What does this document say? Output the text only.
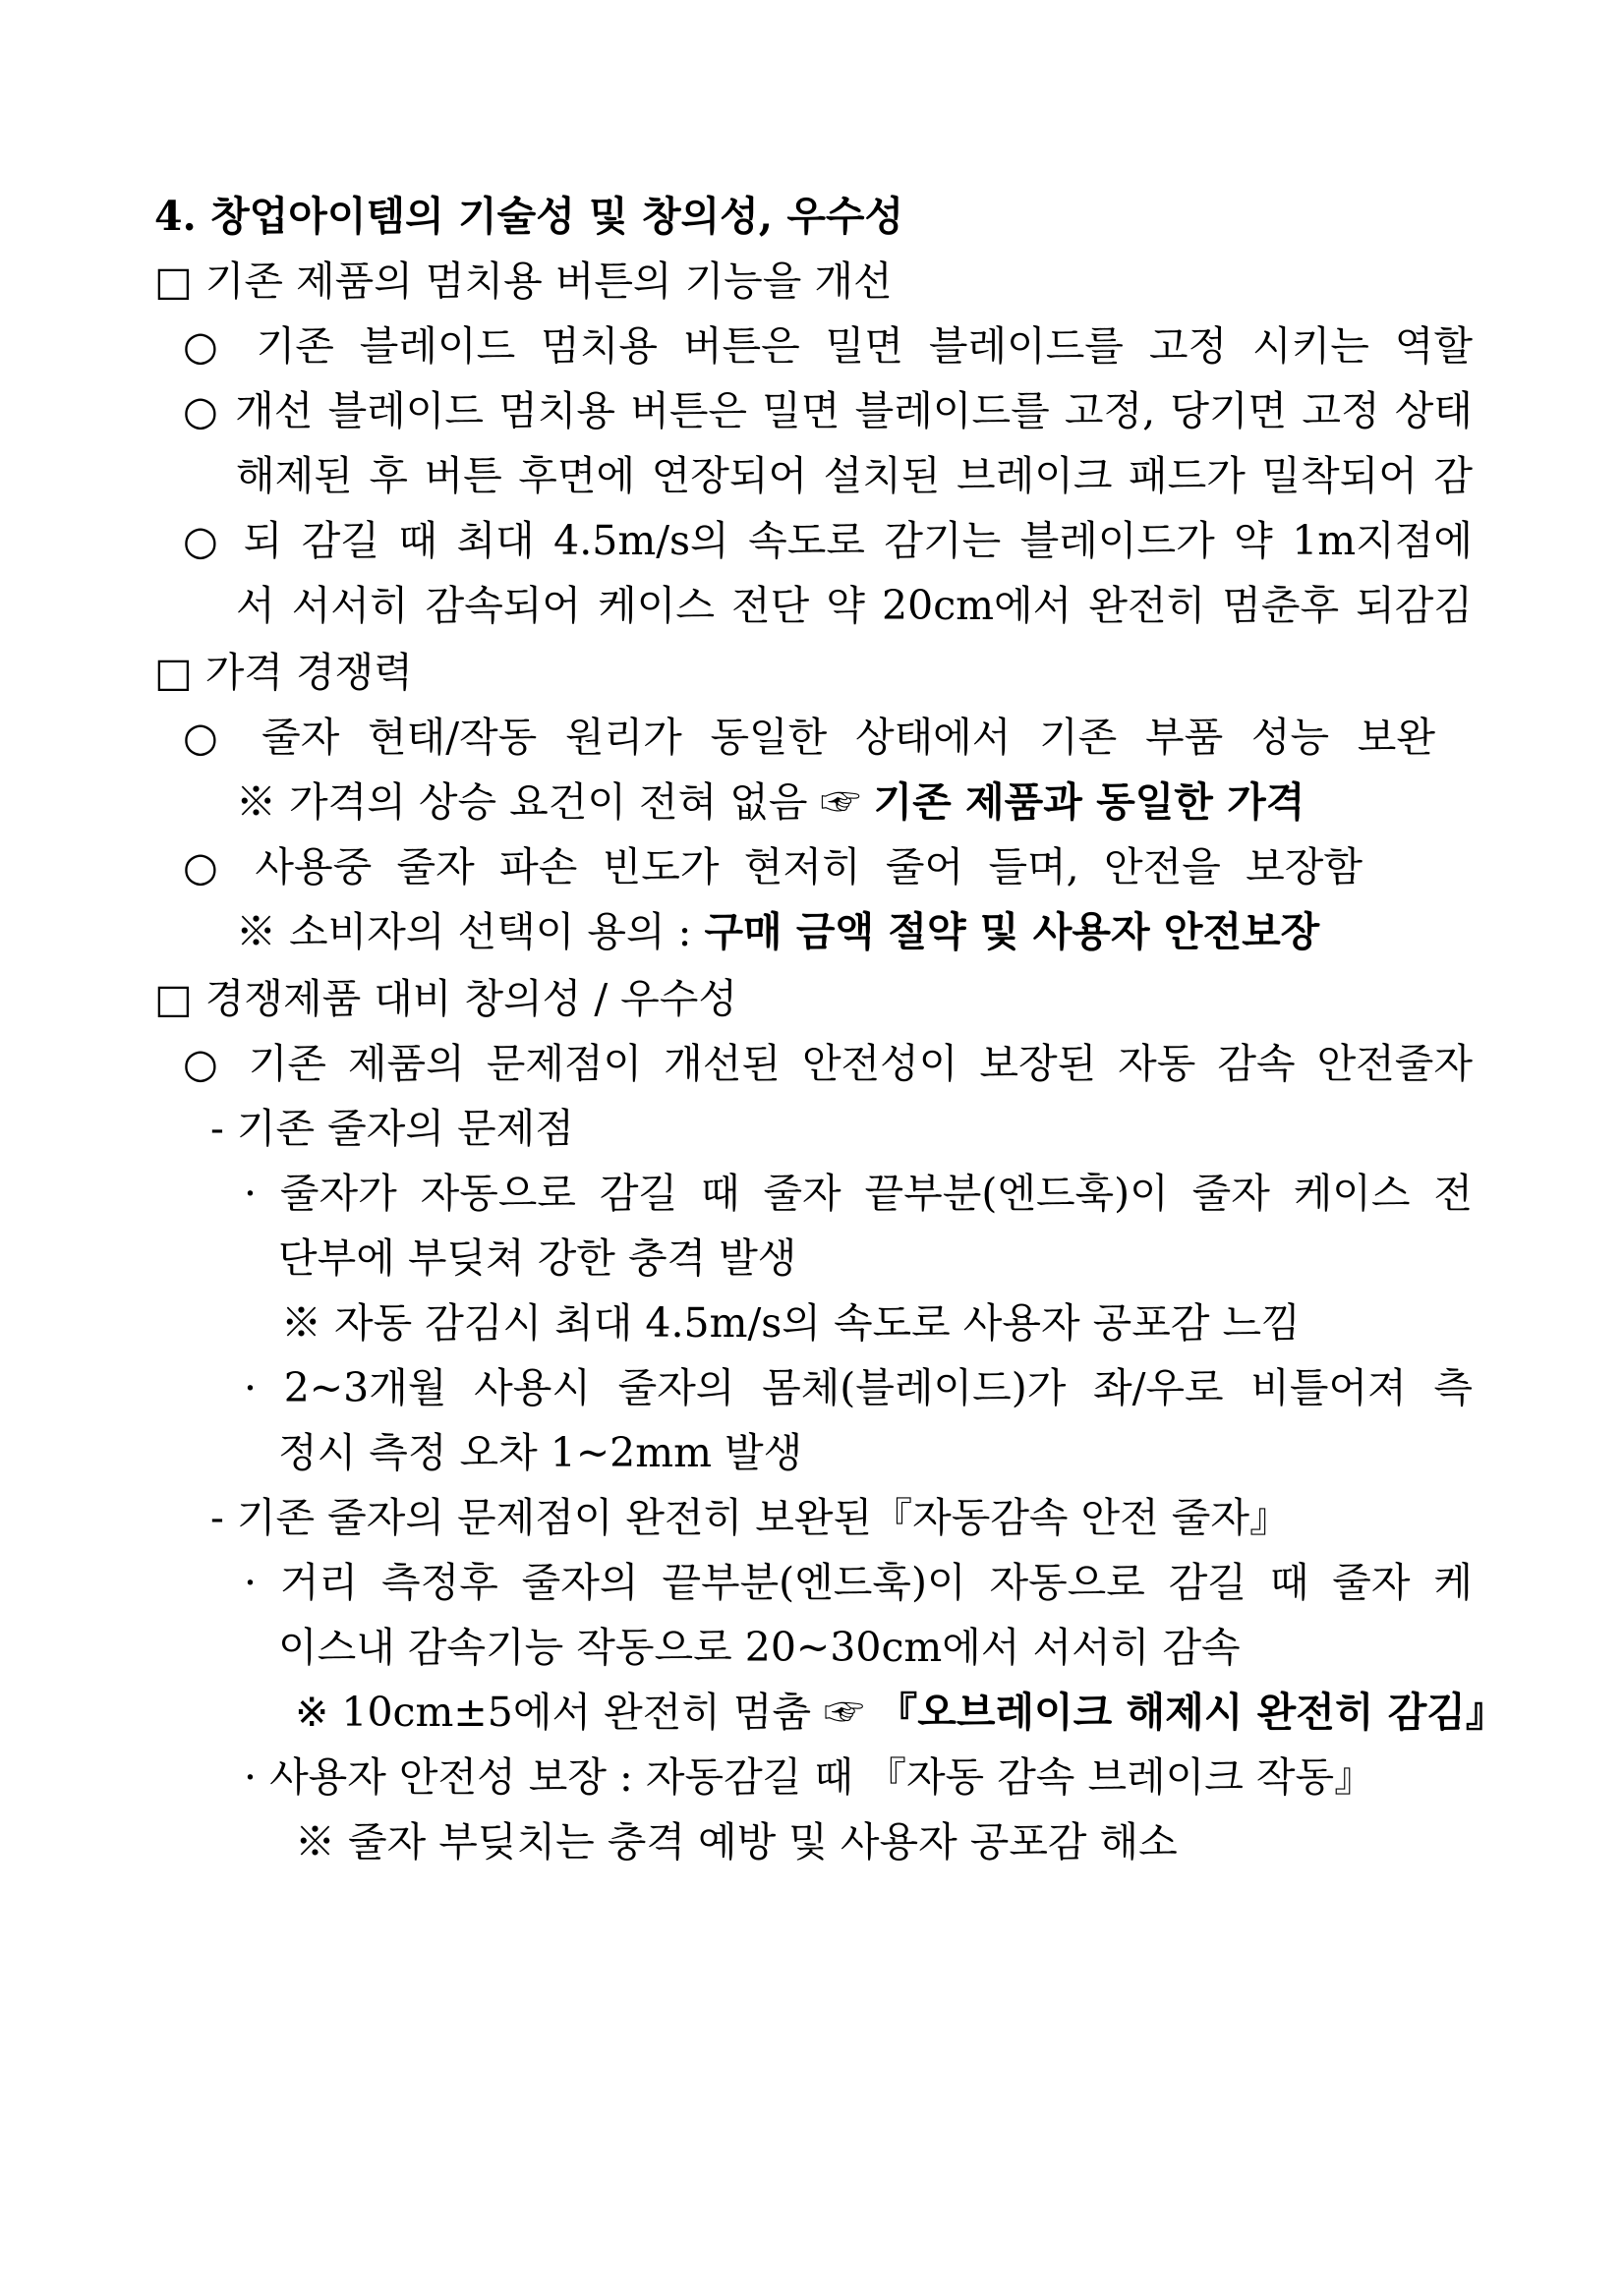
4. 창업아이템의 기술성 및 창의성, 우수성
□ 기존 제품의 멈치용 버튼의 기능을 개선
○ 기존 블레이드 멈치용 버튼은 밀면 블레이드를 고정 시키는 역할
○ 개선 블레이드 멈치용 버튼은 밀면 블레이드를 고정, 당기면 고정 상태
해제된 후 버튼 후면에 연장되어 설치된 브레이크 패드가 밀착되어 감
○ 되 감길 때 최대 4.5m/s의 속도로 감기는 블레이드가 약 1m지점에
서 서서히 감속되어 케이스 전단 약 20cm에서 완전히 멈춘후 되감김
□ 가격 경쟁력
○ 줄자 현태/작동 원리가 동일한 상태에서 기존 부품 성능 보완
※ 가격의 상승 요건이 전혀 없음 ☞ 기존 제품과 동일한 가격
○ 사용중 줄자 파손 빈도가 현저히 줄어 들며, 안전을 보장함
※ 소비자의 선택이 용의 : 구매 금액 절약 및 사용자 안전보장
□ 경쟁제품 대비 창의성 / 우수성
○ 기존 제품의 문제점이 개선된 안전성이 보장된 자동 감속 안전줄자
- 기존 줄자의 문제점
· 줄자가 자동으로 감길 때 줄자 끝부분(엔드훅)이 줄자 케이스 전
단부에 부딪쳐 강한 충격 발생
※ 자동 감김시 최대 4.5m/s의 속도로 사용자 공포감 느낌
· 2~3개월 사용시 줄자의 몸체(블레이드)가 좌/우로 비틀어져 측
정시 측정 오차 1~2mm 발생
- 기존 줄자의 문제점이 완전히 보완된『자동감속 안전 줄자』
· 거리 측정후 줄자의 끝부분(엔드훅)이 자동으로 감길 때 줄자 케
이스내 감속기능 작동으로 20~30cm에서 서서히 감속
※ 10cm±5에서 완전히 멈춤 ☞ 『오브레이크 해제시 완전히 감김』
· 사용자 안전성 보장 : 자동감길 때 『자동 감속 브레이크 작동』
※ 줄자 부딪치는 충격 예방 및 사용자 공포감 해소
